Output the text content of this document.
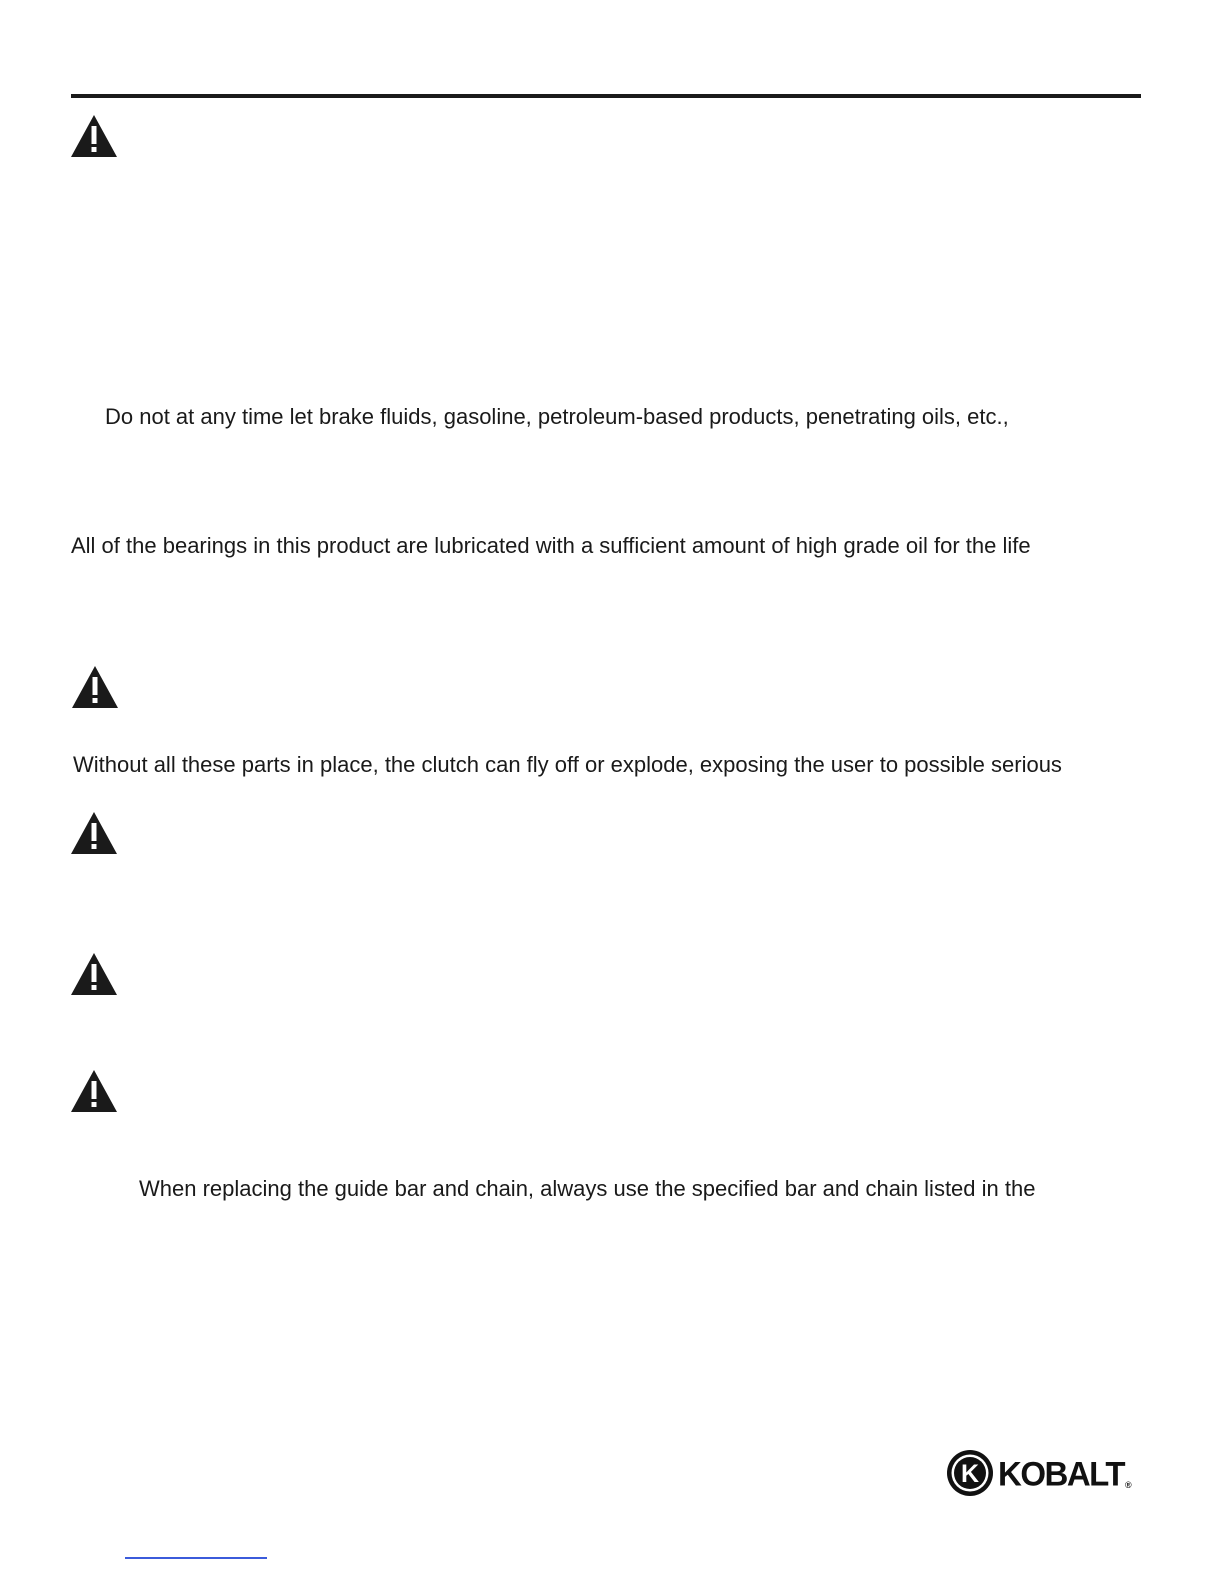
Do not at any time let brake fluids, gasoline, petroleum-based products, penetrating oils, etc.,
All of the bearings in this product are lubricated with a sufficient amount of high grade oil for the life
Without all these parts in place, the clutch can fly off or explode, exposing the user to possible serious
When replacing the guide bar and chain, always use the specified bar and chain listed in the
K KOBALT ®
